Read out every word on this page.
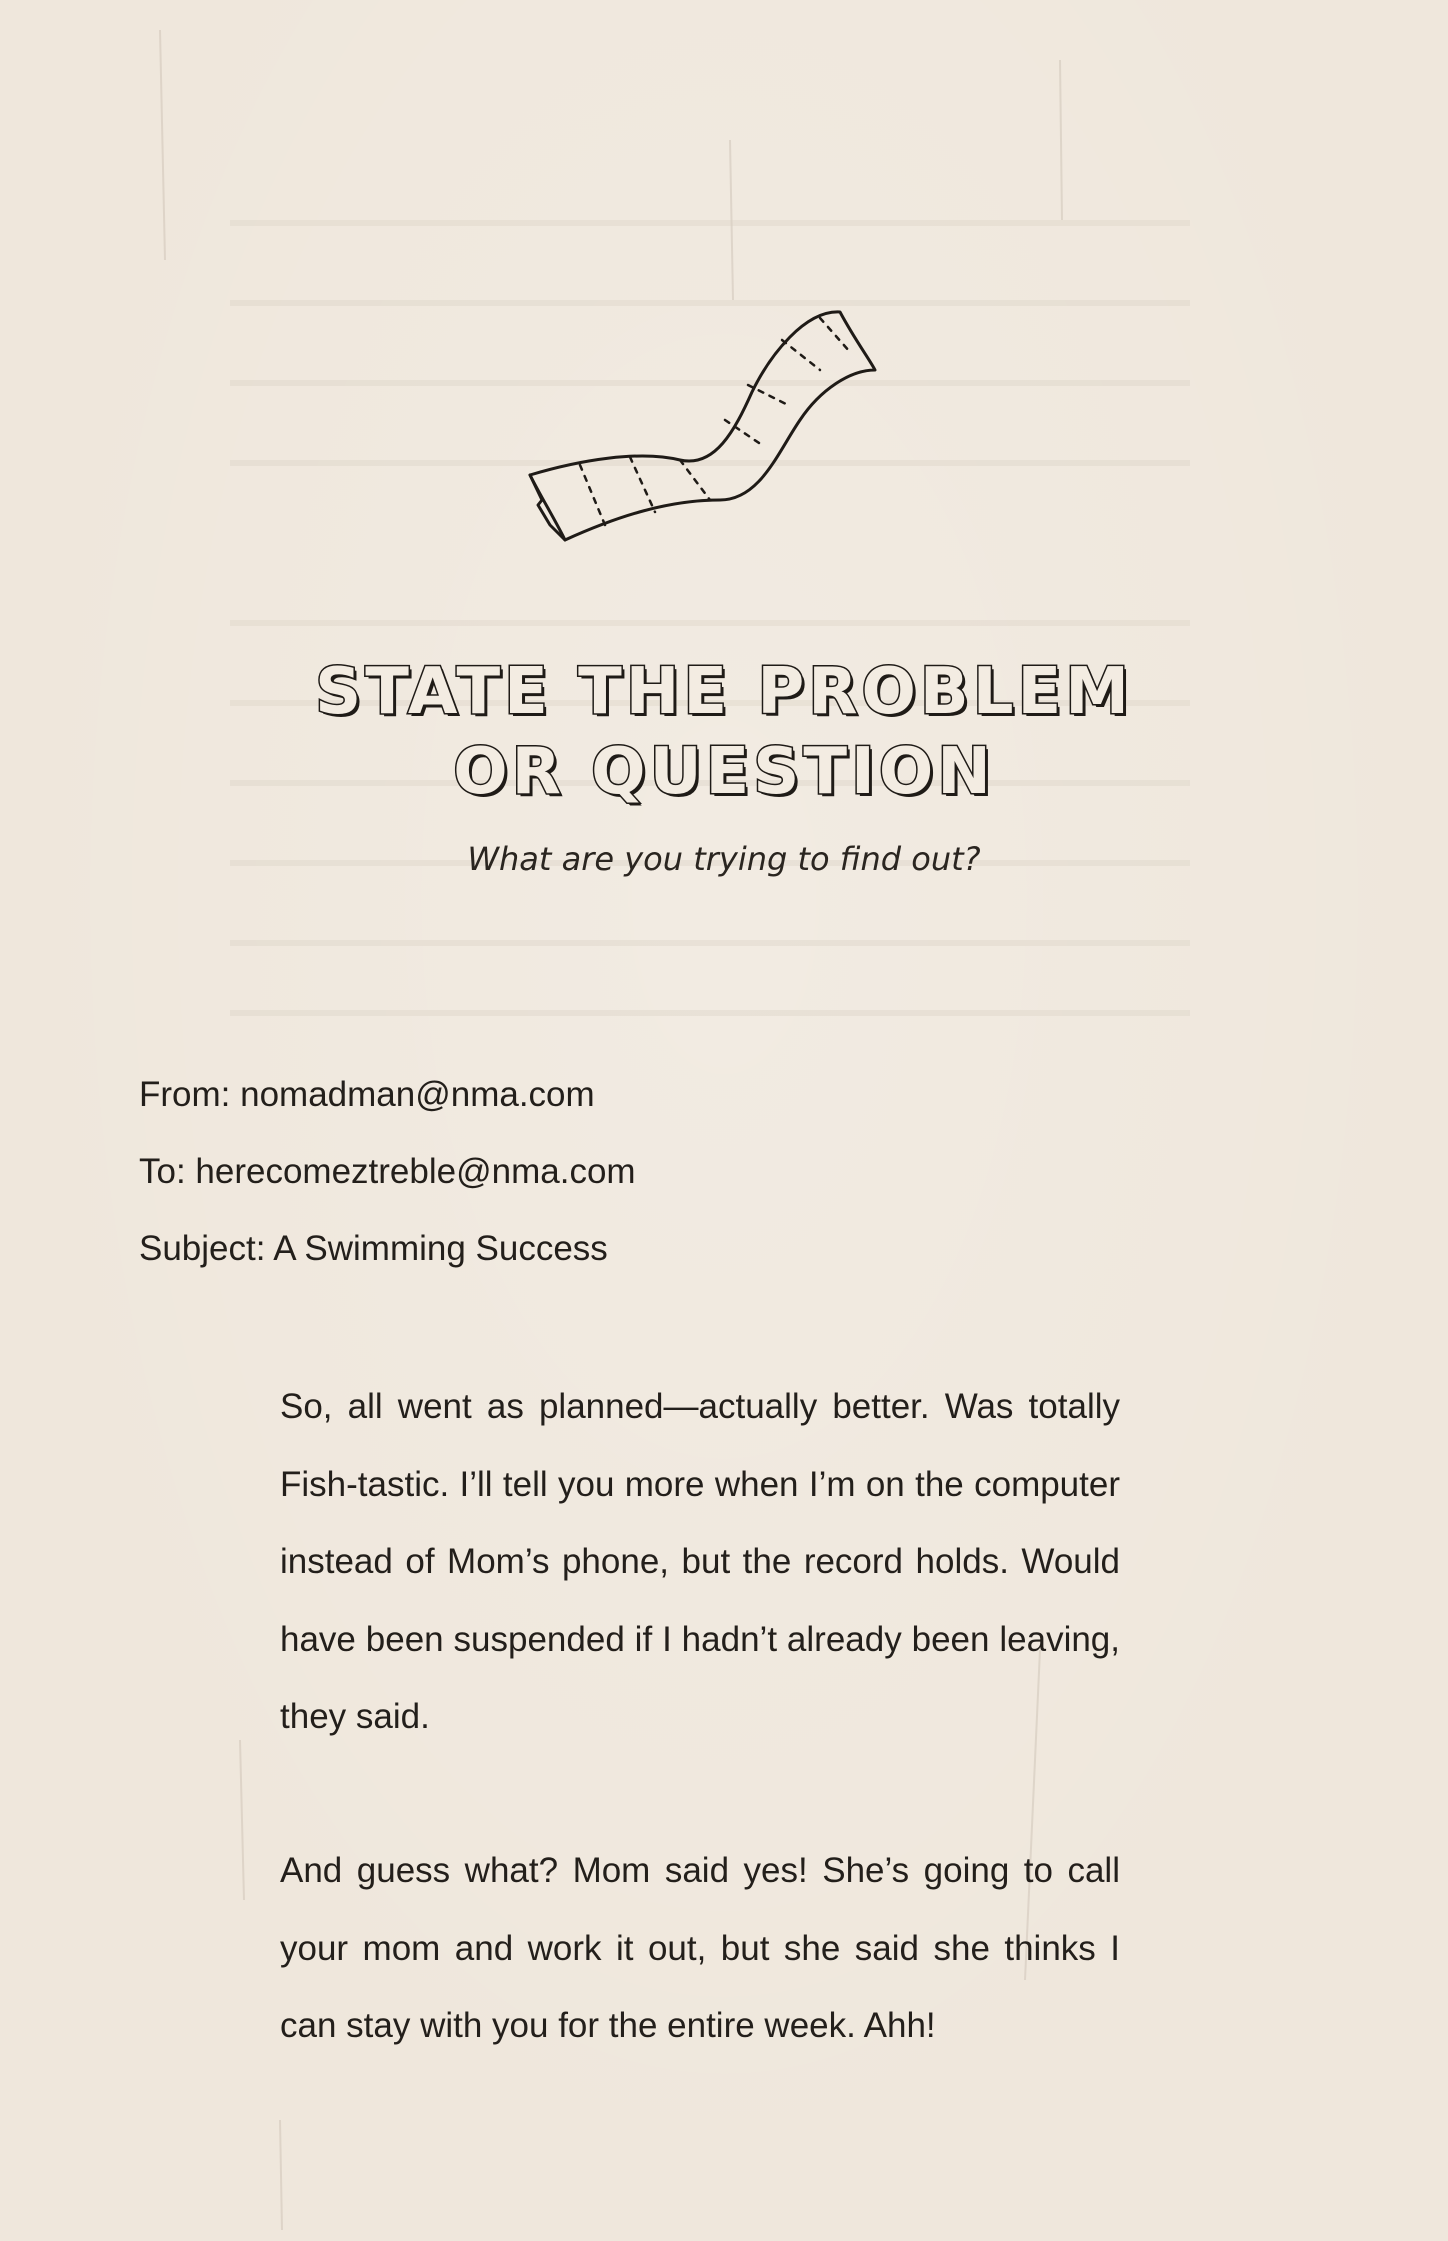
STATE THE PROBLEM
OR QUESTION
What are you trying to find out?
From: nomadman@nma.com
To: herecomeztreble@nma.com
Subject: A Swimming Success

So, all went as planned—actually better. Was totally Fish-tastic. I’ll tell you more when I’m on the computer instead of Mom’s phone, but the record holds. Would have been suspended if I hadn’t already been leaving, they said.

And guess what? Mom said yes! She’s going to call your mom and work it out, but she said she thinks I can stay with you for the entire week. Ahh!
